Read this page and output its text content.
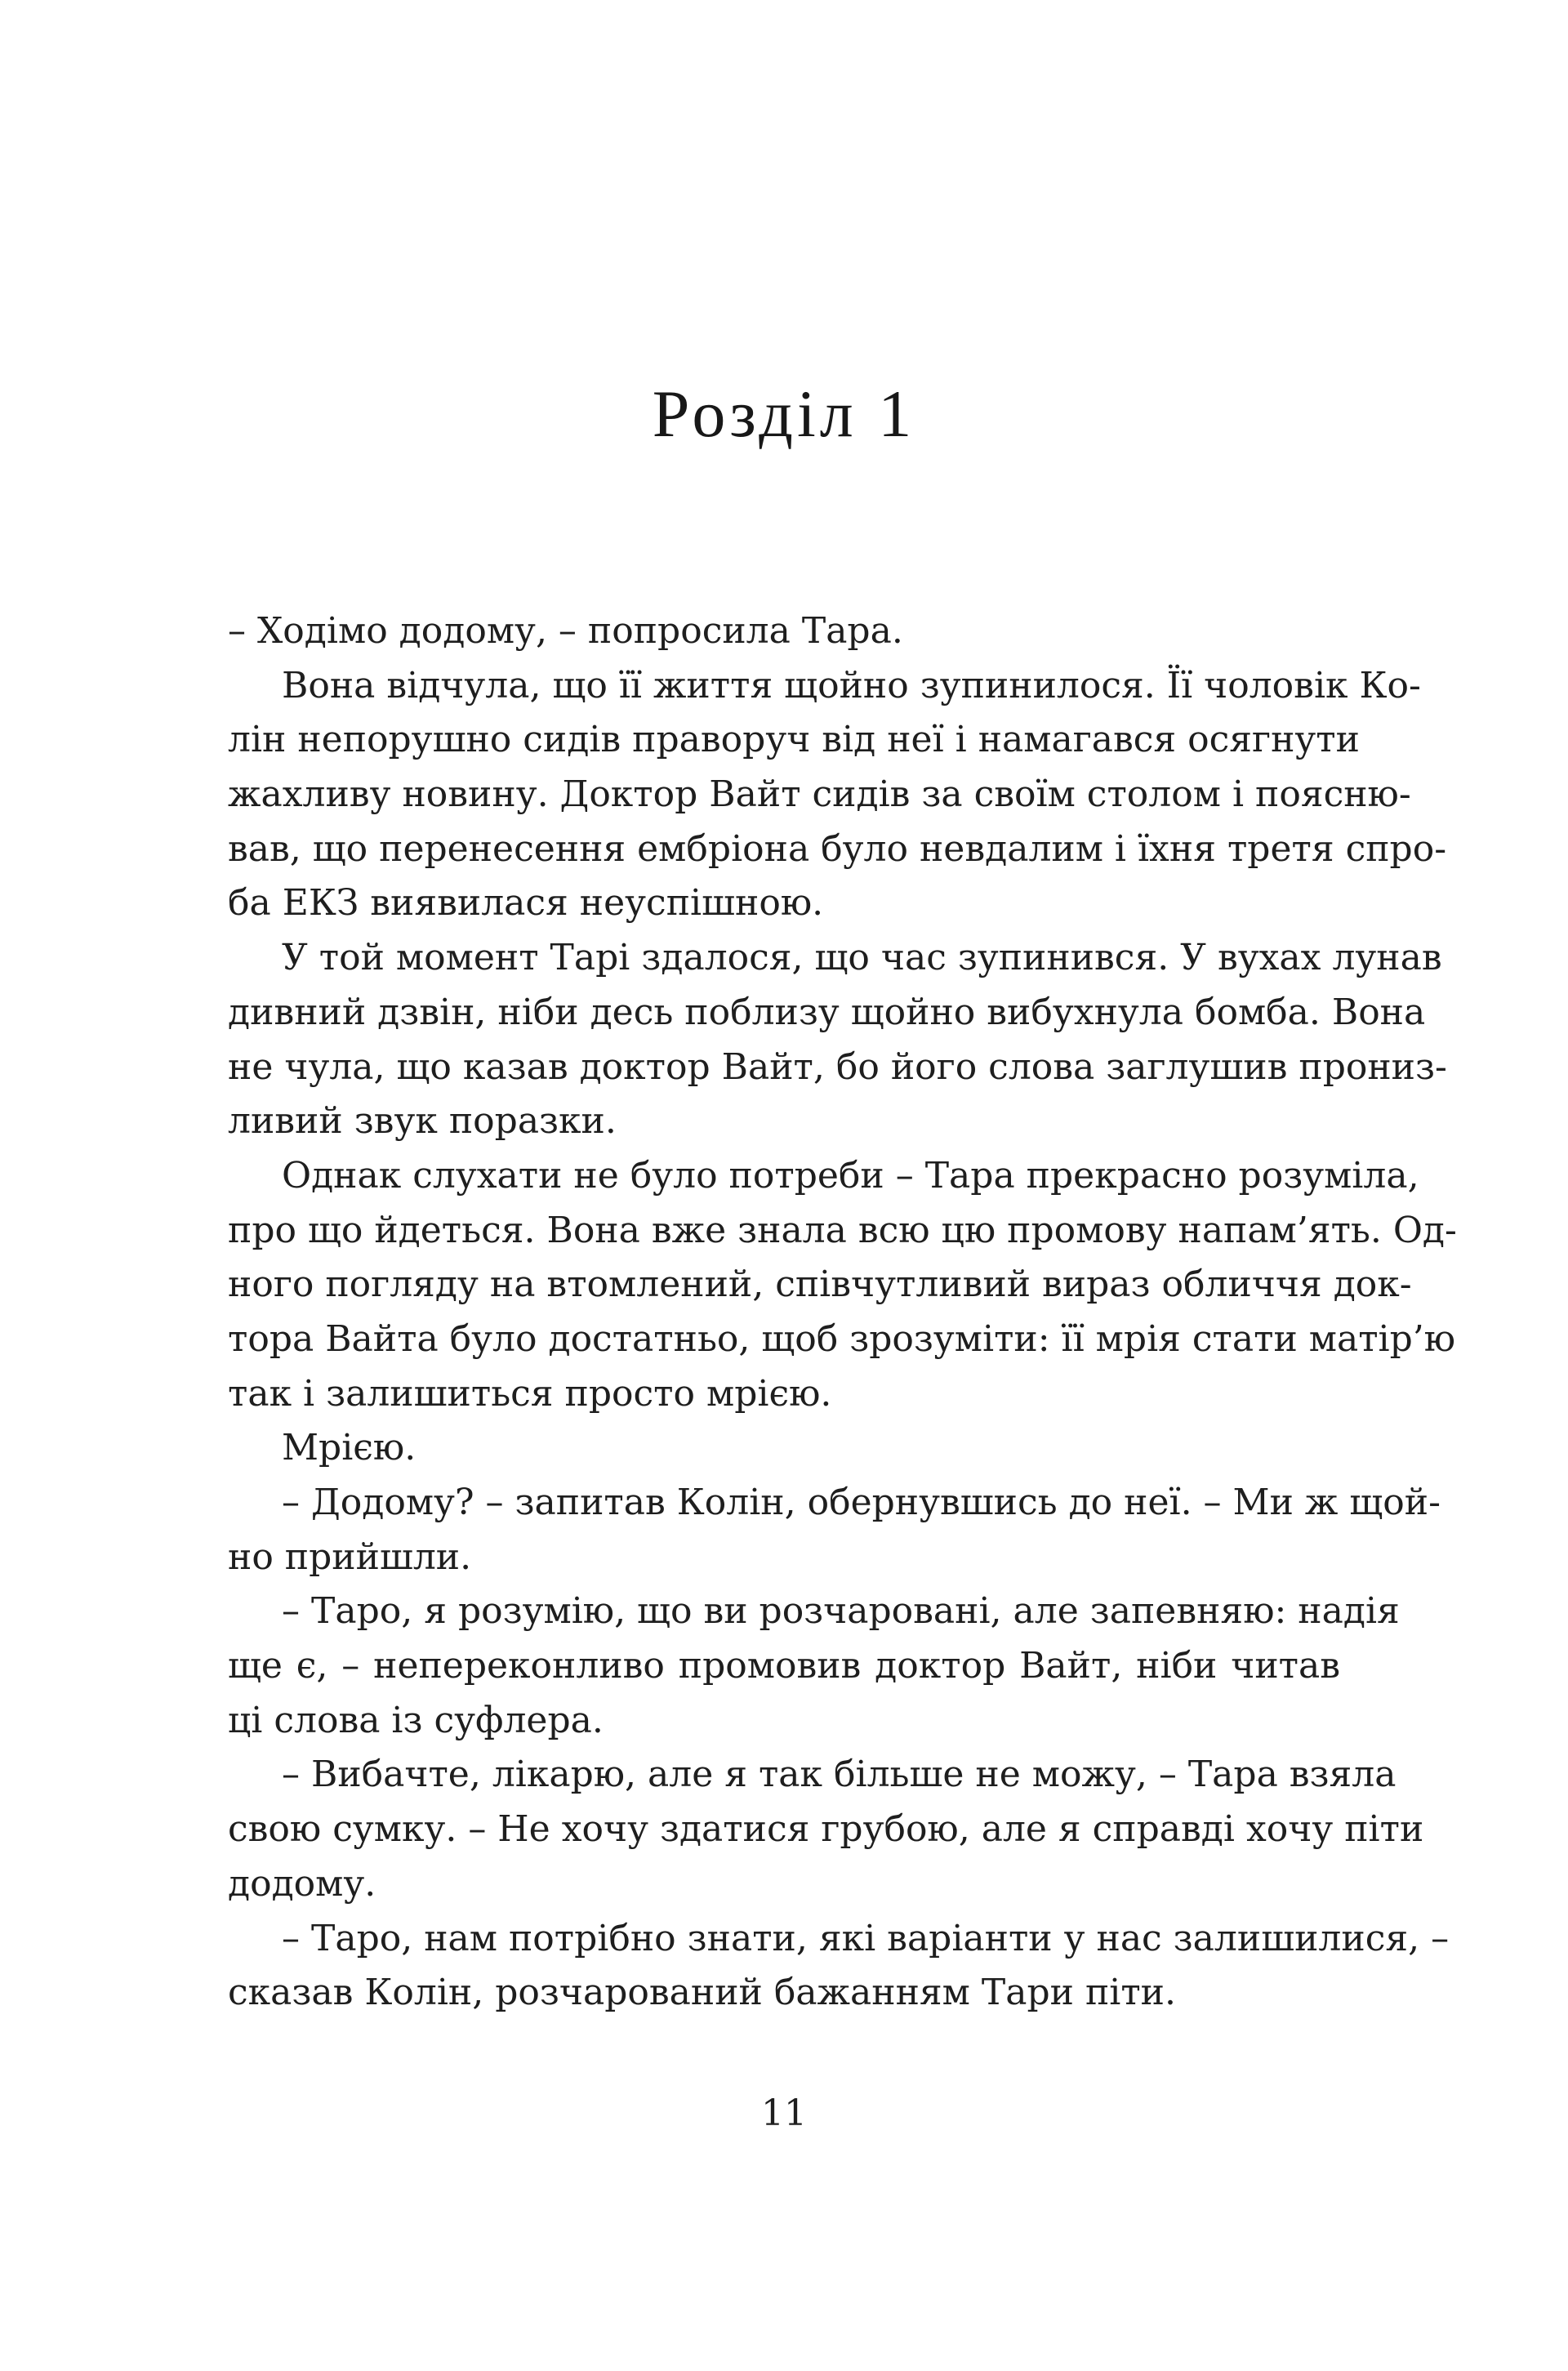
Розділ 1
– Ходімо додому, – попросила Тара.
Вона відчула, що її життя щойно зупинилося. Її чоловік Ко-
лін непорушно сидів праворуч від неї і намагався осягнути
жахливу новину. Доктор Вайт сидів за своїм столом і поясню-
вав, що перенесення ембріона було невдалим і їхня третя спро-
ба ЕКЗ виявилася неуспішною.
У той момент Тарі здалося, що час зупинився. У вухах лунав
дивний дзвін, ніби десь поблизу щойно вибухнула бомба. Вона
не чула, що казав доктор Вайт, бо його слова заглушив прониз-
ливий звук поразки.
Однак слухати не було потреби – Тара прекрасно розуміла,
про що йдеться. Вона вже знала всю цю промову напам’ять. Од-
ного погляду на втомлений, співчутливий вираз обличчя док-
тора Вайта було достатньо, щоб зрозуміти: її мрія стати матір’ю
так і залишиться просто мрією.
Мрією.
– Додому? – запитав Колін, обернувшись до неї. – Ми ж щой-
но прийшли.
– Таро, я розумію, що ви розчаровані, але запевняю: надія
ще є, – непереконливо промовив доктор Вайт, ніби читав
ці слова із суфлера.
– Вибачте, лікарю, але я так більше не можу, – Тара взяла
свою сумку. – Не хочу здатися грубою, але я справді хочу піти
додому.
– Таро, нам потрібно знати, які варіанти у нас залишилися, –
сказав Колін, розчарований бажанням Тари піти.
11
